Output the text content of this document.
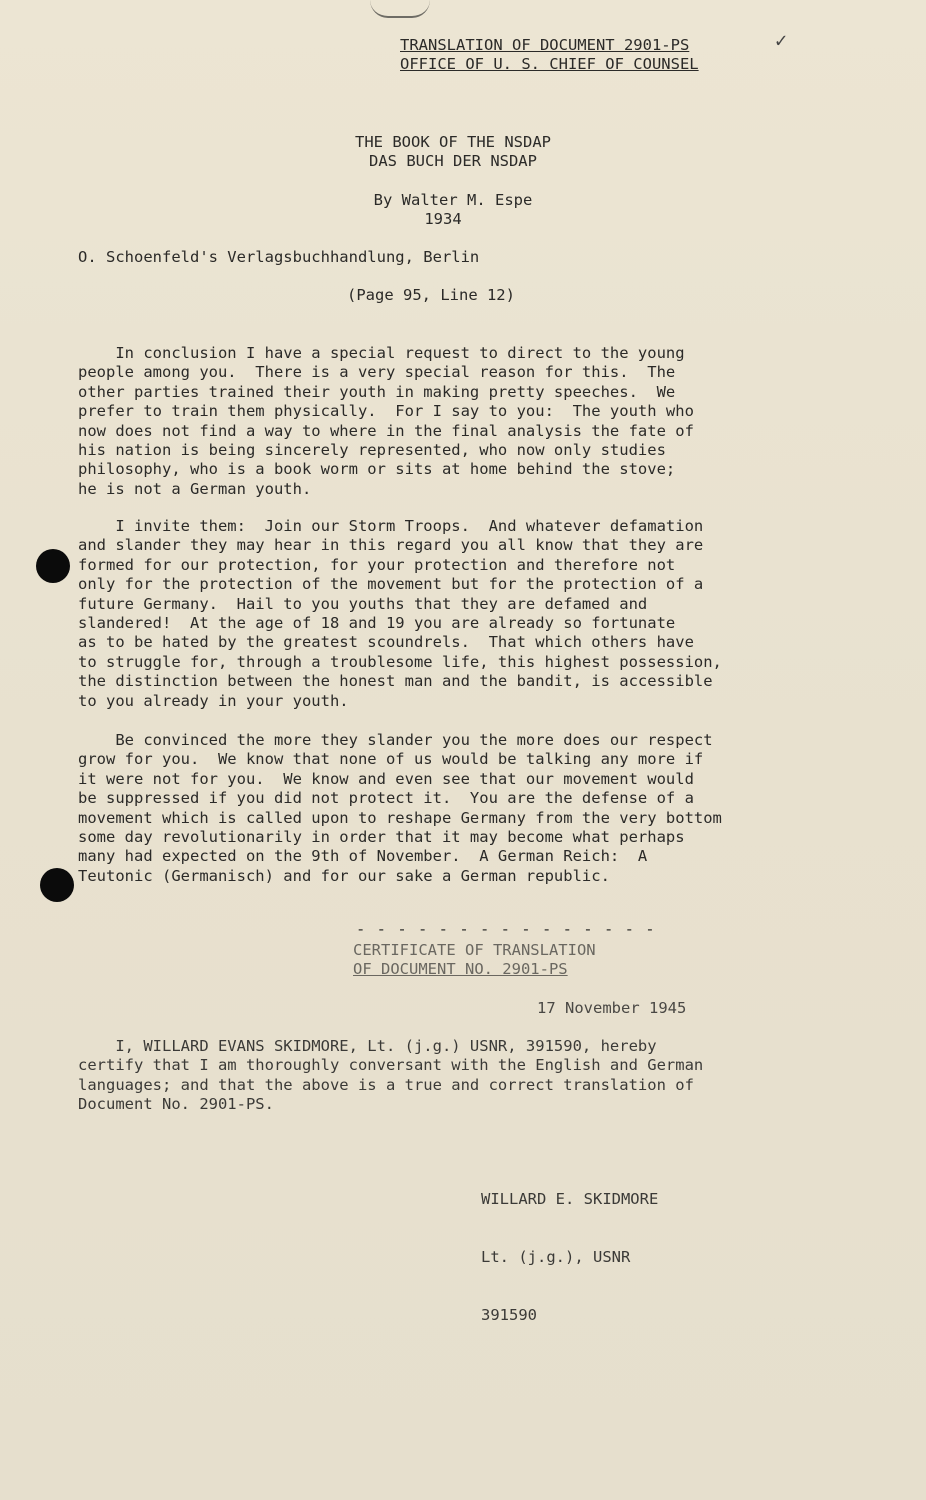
TRANSLATION OF DOCUMENT 2901-PS
OFFICE OF U. S. CHIEF OF COUNSEL
✓
THE BOOK OF THE NSDAP
DAS BUCH DER NSDAP
By Walter M. Espe
1934
O. Schoenfeld's Verlagsbuchhandlung, Berlin
(Page 95, Line 12)
In conclusion I have a special request to direct to the young
people among you.  There is a very special reason for this.  The
other parties trained their youth in making pretty speeches.  We
prefer to train them physically.  For I say to you:  The youth who
now does not find a way to where in the final analysis the fate of
his nation is being sincerely represented, who now only studies
philosophy, who is a book worm or sits at home behind the stove;
he is not a German youth.
I invite them:  Join our Storm Troops.  And whatever defamation
and slander they may hear in this regard you all know that they are
formed for our protection, for your protection and therefore not
only for the protection of the movement but for the protection of a
future Germany.  Hail to you youths that they are defamed and
slandered!  At the age of 18 and 19 you are already so fortunate
as to be hated by the greatest scoundrels.  That which others have
to struggle for, through a troublesome life, this highest possession,
the distinction between the honest man and the bandit, is accessible
to you already in your youth.
Be convinced the more they slander you the more does our respect
grow for you.  We know that none of us would be talking any more if
it were not for you.  We know and even see that our movement would
be suppressed if you did not protect it.  You are the defense of a
movement which is called upon to reshape Germany from the very bottom
some day revolutionarily in order that it may become what perhaps
many had expected on the 9th of November.  A German Reich:  A
Teutonic (Germanisch) and for our sake a German republic.
- - - - - - - - - - - - - - -
CERTIFICATE OF TRANSLATION
OF DOCUMENT NO. 2901-PS
17 November 1945
I, WILLARD EVANS SKIDMORE, Lt. (j.g.) USNR, 391590, hereby
certify that I am thoroughly conversant with the English and German
languages; and that the above is a true and correct translation of
Document No. 2901-PS.

WILLARD E. SKIDMORE

Lt. (j.g.), USNR

391590
